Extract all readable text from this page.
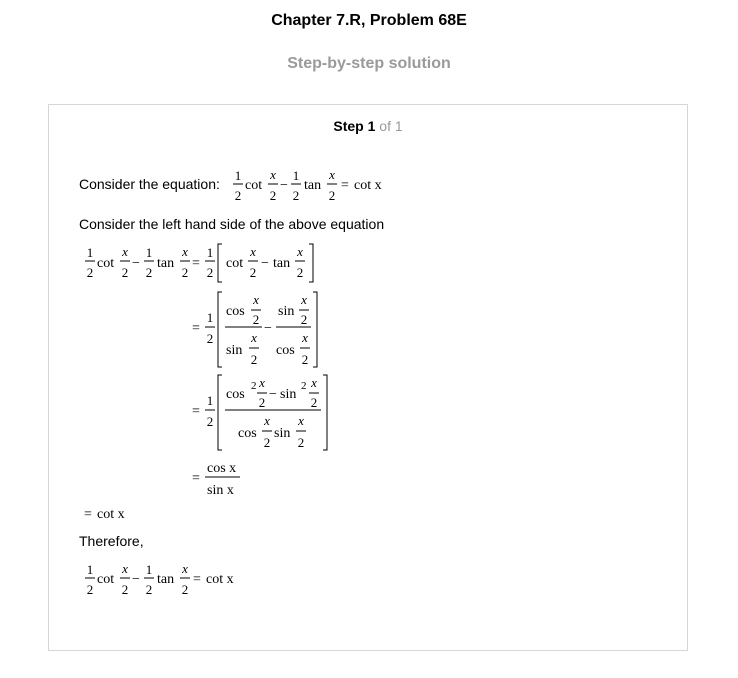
Chapter 7.R, Problem 68E
Step-by-step solution
Step 1 of 1
Consider the equation:
1
2
cot
x
2
−
1
2
tan
x
2
= cot x
Consider the left hand side of the above equation
1
2
cot
x
2
−
1
2
tan
x
2
=
1
2
cot
x
2
− tan
x
2
=
1
2
cos
x
2
sin
x
2
−
sin
x
2
cos
x
2
=
1
2
cos
2 x
2
− sin
2 x
2
cos
x
2
sin
x
2
=
cos x
sin x
= cot x
Therefore,
1
2
cot
x
2
−
1
2
tan
x
2
= cot x
